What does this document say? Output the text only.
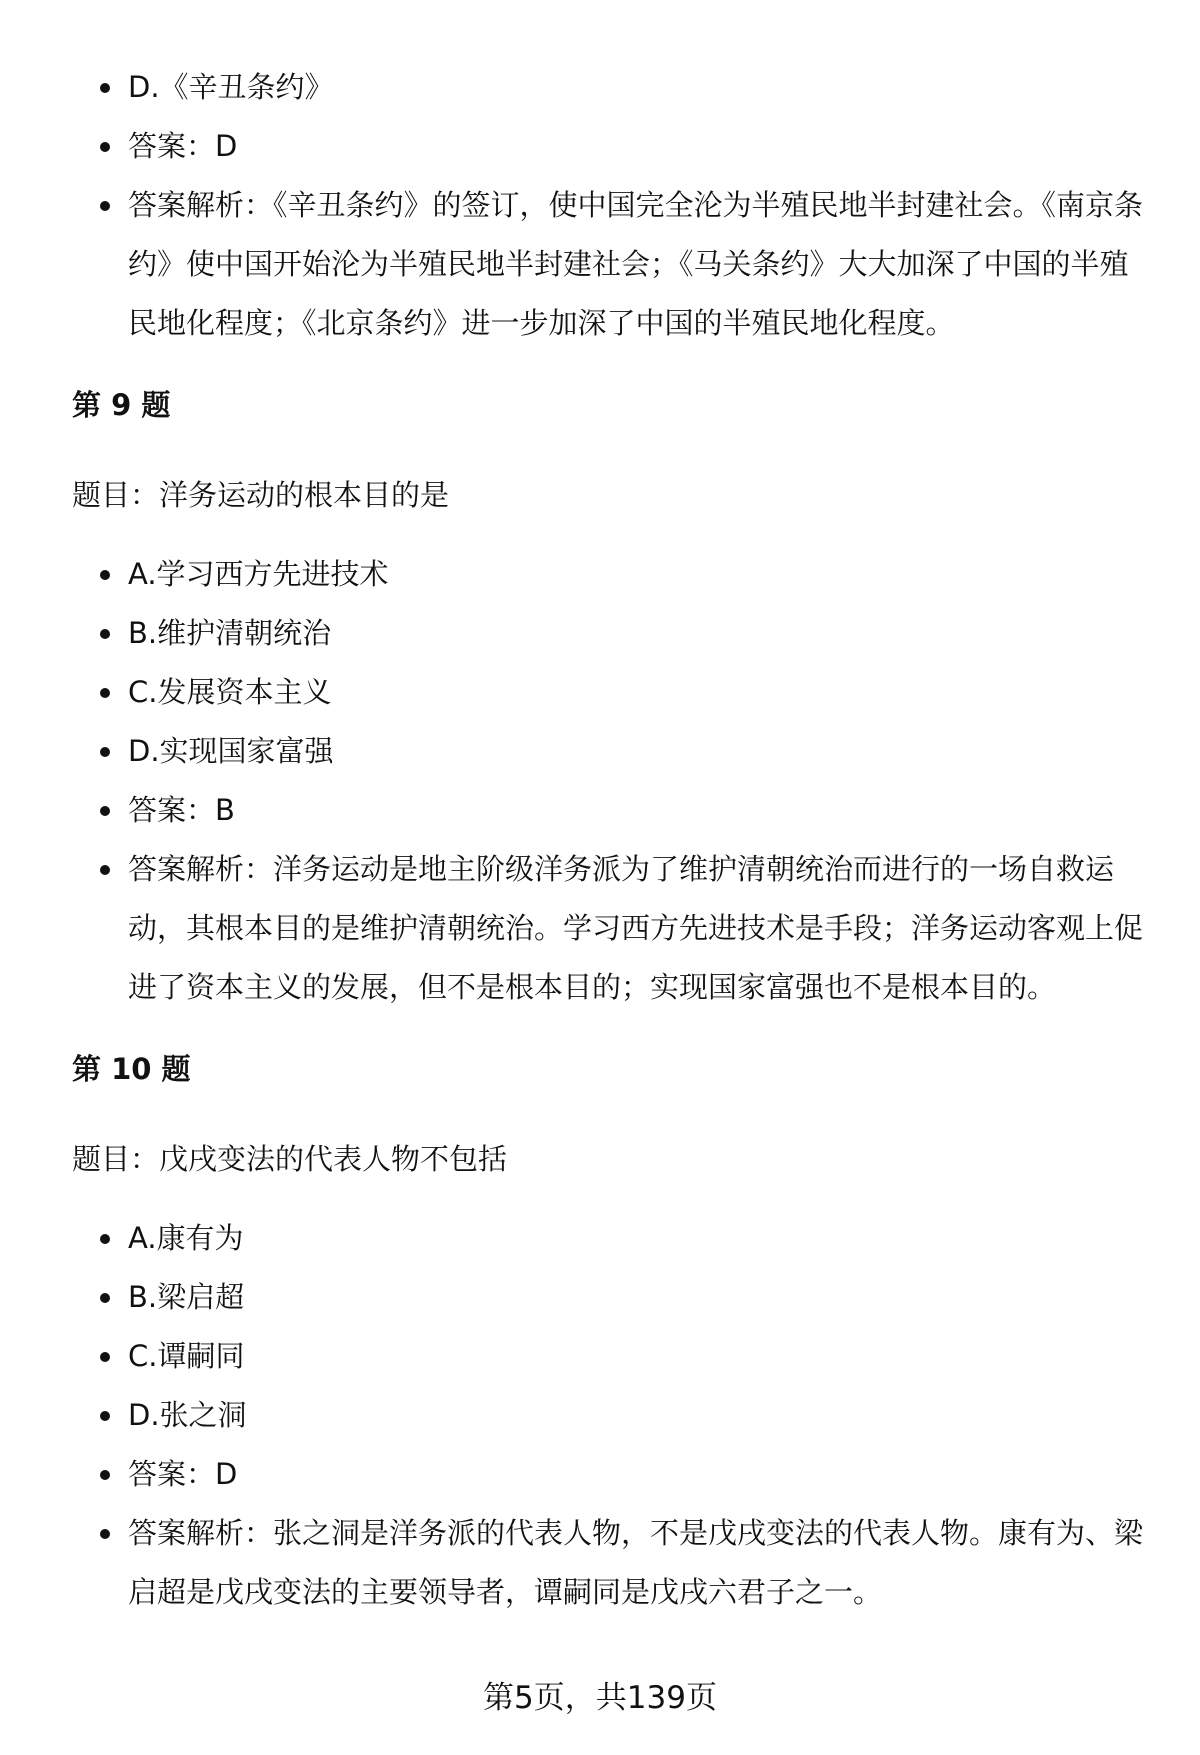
D.《辛丑条约》
答案：D
答案解析：《辛丑条约》的签订，使中国完全沦为半殖民地半封建社会。《南京条约》使中国开始沦为半殖民地半封建社会；《马关条约》大大加深了中国的半殖民地化程度；《北京条约》进一步加深了中国的半殖民地化程度。

第 9 题

题目：洋务运动的根本目的是

A.学习西方先进技术
B.维护清朝统治
C.发展资本主义
D.实现国家富强
答案：B
答案解析：洋务运动是地主阶级洋务派为了维护清朝统治而进行的一场自救运动，其根本目的是维护清朝统治。学习西方先进技术是手段；洋务运动客观上促进了资本主义的发展，但不是根本目的；实现国家富强也不是根本目的。

第 10 题

题目：戊戌变法的代表人物不包括

A.康有为
B.梁启超
C.谭嗣同
D.张之洞
答案：D
答案解析：张之洞是洋务派的代表人物，不是戊戌变法的代表人物。康有为、梁启超是戊戌变法的主要领导者，谭嗣同是戊戌六君子之一。
第5页，共139页
